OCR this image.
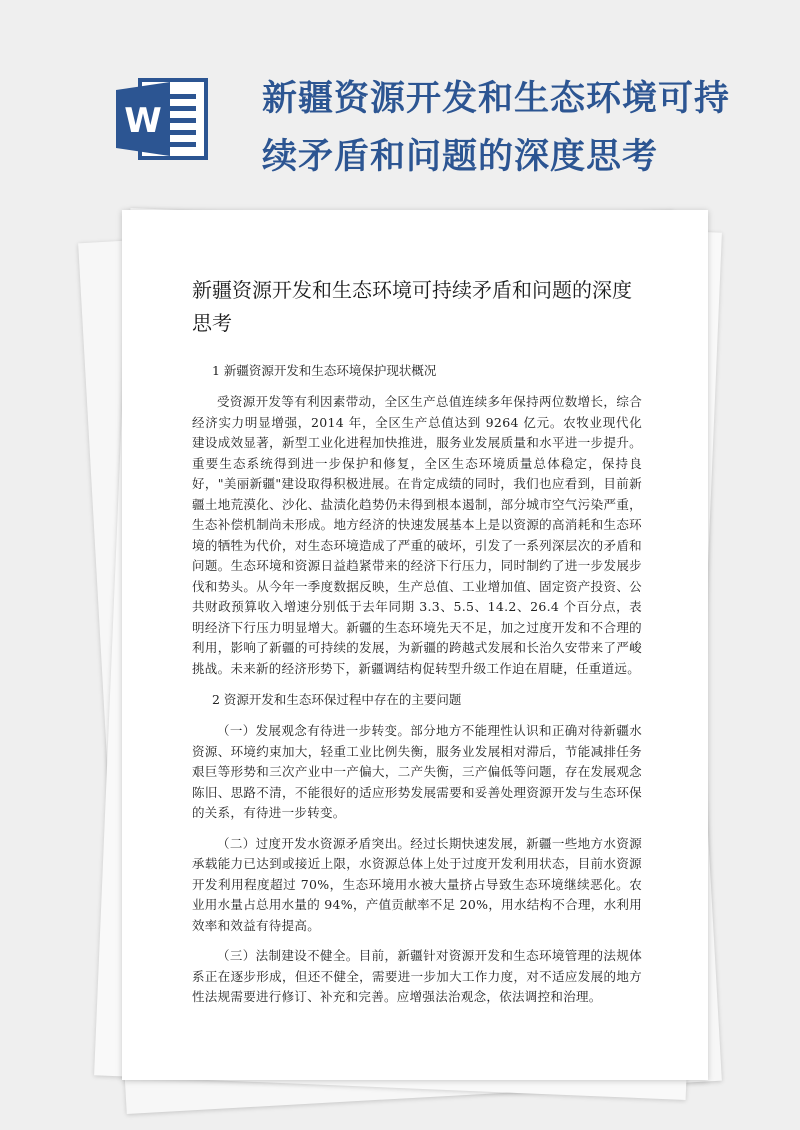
W
新疆资源开发和生态环境可持续矛盾和问题的深度思考
新疆资源开发和生态环境可持续矛盾和问题的深度思考

1 新疆资源开发和生态环境保护现状概况

受资源开发等有利因素带动，全区生产总值连续多年保持两位数增长，综合经济实力明显增强，2014 年，全区生产总值达到 9264 亿元。农牧业现代化建设成效显著，新型工业化进程加快推进，服务业发展质量和水平进一步提升。重要生态系统得到进一步保护和修复，全区生态环境质量总体稳定，保持良好，"美丽新疆"建设取得积极进展。在肯定成绩的同时，我们也应看到，目前新疆土地荒漠化、沙化、盐渍化趋势仍未得到根本遏制，部分城市空气污染严重，生态补偿机制尚未形成。地方经济的快速发展基本上是以资源的高消耗和生态环境的牺牲为代价，对生态环境造成了严重的破坏，引发了一系列深层次的矛盾和问题。生态环境和资源日益趋紧带来的经济下行压力，同时制约了进一步发展步伐和势头。从今年一季度数据反映，生产总值、工业增加值、固定资产投资、公共财政预算收入增速分别低于去年同期 3.3、5.5、14.2、26.4 个百分点，表明经济下行压力明显增大。新疆的生态环境先天不足，加之过度开发和不合理的利用，影响了新疆的可持续的发展，为新疆的跨越式发展和长治久安带来了严峻挑战。未来新的经济形势下，新疆调结构促转型升级工作迫在眉睫，任重道远。

2 资源开发和生态环保过程中存在的主要问题

（一）发展观念有待进一步转变。部分地方不能理性认识和正确对待新疆水资源、环境约束加大，轻重工业比例失衡，服务业发展相对滞后，节能减排任务艰巨等形势和三次产业中一产偏大，二产失衡，三产偏低等问题，存在发展观念陈旧、思路不清，不能很好的适应形势发展需要和妥善处理资源开发与生态环保的关系，有待进一步转变。

（二）过度开发水资源矛盾突出。经过长期快速发展，新疆一些地方水资源承载能力已达到或接近上限，水资源总体上处于过度开发利用状态，目前水资源开发利用程度超过 70%，生态环境用水被大量挤占导致生态环境继续恶化。农业用水量占总用水量的 94%，产值贡献率不足 20%，用水结构不合理，水利用效率和效益有待提高。

（三）法制建设不健全。目前，新疆针对资源开发和生态环境管理的法规体系正在逐步形成，但还不健全，需要进一步加大工作力度，对不适应发展的地方性法规需要进行修订、补充和完善。应增强法治观念，依法调控和治理。
